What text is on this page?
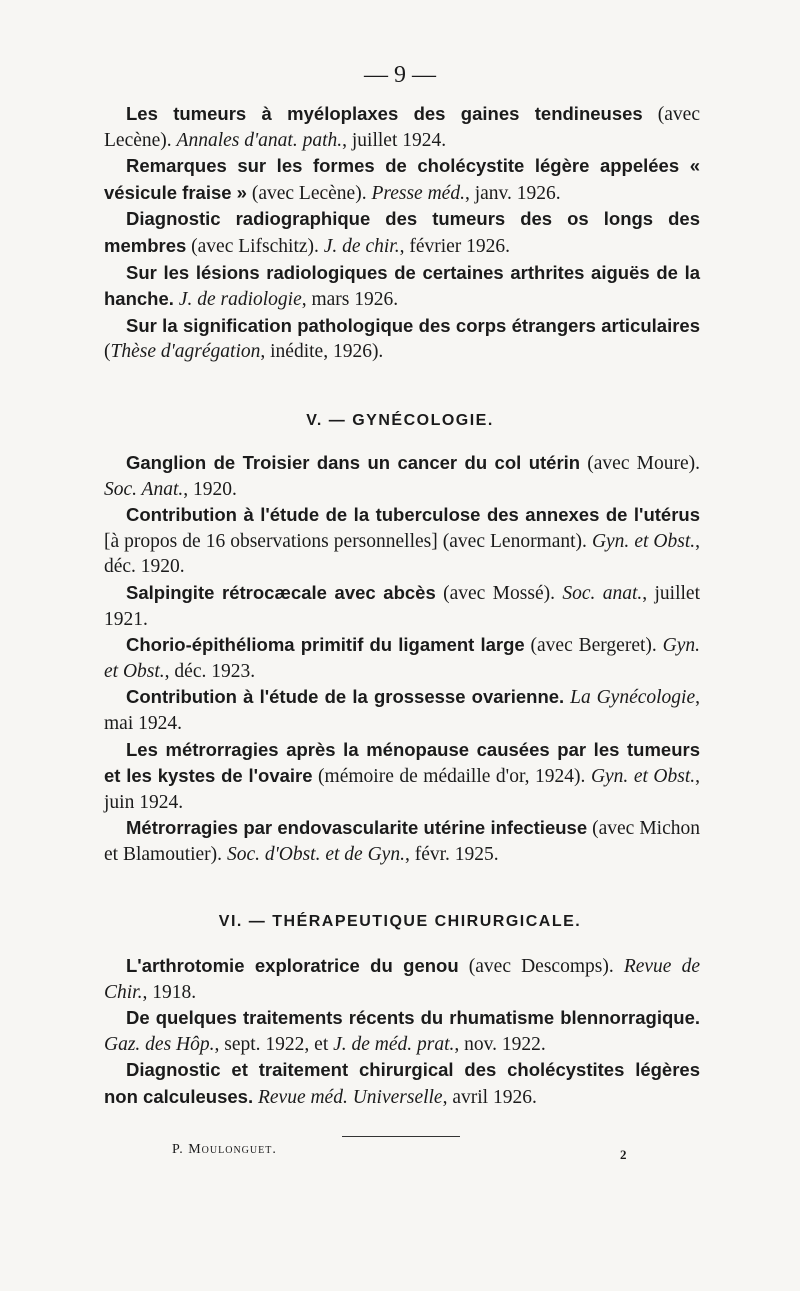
— 9 —

Les tumeurs à myéloplaxes des gaines tendineuses (avec Lecène). Annales d'anat. path., juillet 1924.

Remarques sur les formes de cholécystite légère appelées « vésicule fraise » (avec Lecène). Presse méd., janv. 1926.

Diagnostic radiographique des tumeurs des os longs des membres (avec Lifschitz). J. de chir., février 1926.

Sur les lésions radiologiques de certaines arthrites aiguës de la hanche. J. de radiologie, mars 1926.

Sur la signification pathologique des corps étrangers articulaires (Thèse d'agrégation, inédite, 1926).

V. — GYNÉCOLOGIE.

Ganglion de Troisier dans un cancer du col utérin (avec Moure). Soc. Anat., 1920.

Contribution à l'étude de la tuberculose des annexes de l'utérus [à propos de 16 observations personnelles] (avec Lenormant). Gyn. et Obst., déc. 1920.

Salpingite rétrocæcale avec abcès (avec Mossé). Soc. anat., juillet 1921.

Chorio-épithélioma primitif du ligament large (avec Bergeret). Gyn. et Obst., déc. 1923.

Contribution à l'étude de la grossesse ovarienne. La Gynécologie, mai 1924.

Les métrorragies après la ménopause causées par les tumeurs et les kystes de l'ovaire (mémoire de médaille d'or, 1924). Gyn. et Obst., juin 1924.

Métrorragies par endovascularite utérine infectieuse (avec Michon et Blamoutier). Soc. d'Obst. et de Gyn., févr. 1925.

VI. — THÉRAPEUTIQUE CHIRURGICALE.

L'arthrotomie exploratrice du genou (avec Descomps). Revue de Chir., 1918.

De quelques traitements récents du rhumatisme blennorragique. Gaz. des Hôp., sept. 1922, et J. de méd. prat., nov. 1922.

Diagnostic et traitement chirurgical des cholécystites légères non calculeuses. Revue méd. Universelle, avril 1926.

P. Moulonguet.	2
